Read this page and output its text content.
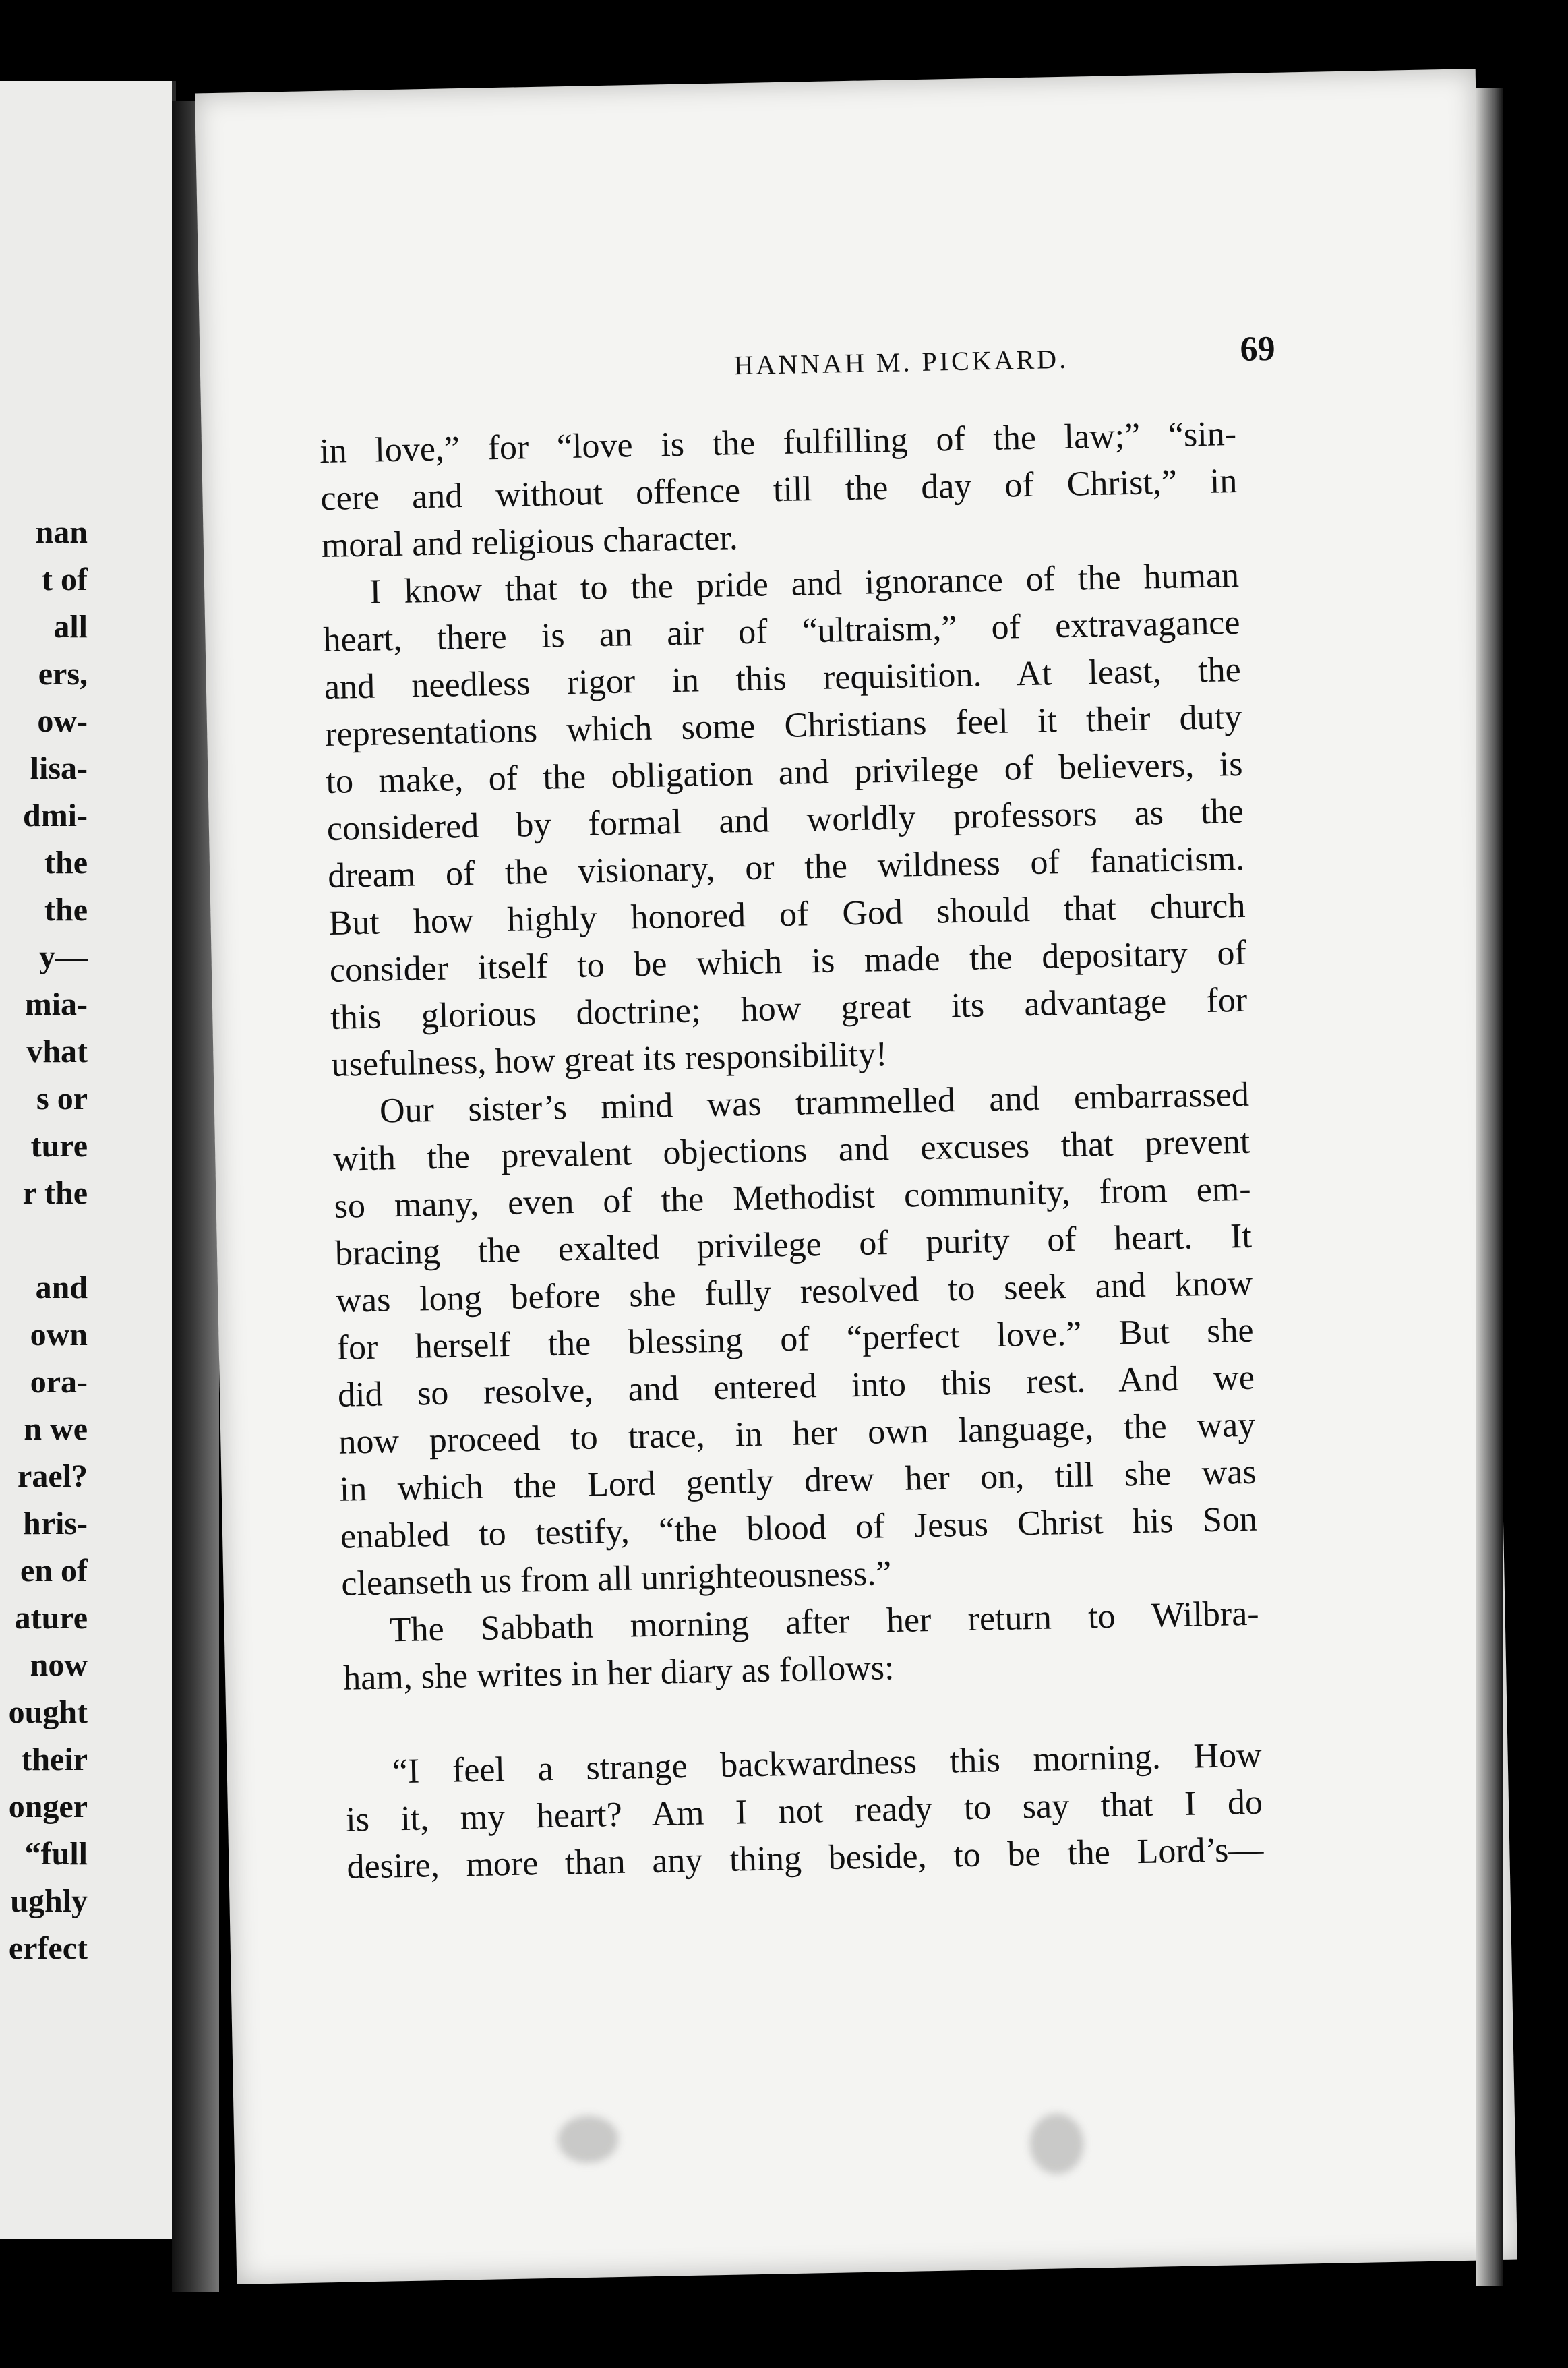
nan
t of
all
ers,
ow-
lisa-
dmi-
the
the
y—
mia-
vhat
s or
ture
r the
and
own
ora-
n we
rael?
hris-
en of
ature
now
ought
their
onger
“full
ughly
erfect
HANNAH M. PICKARD.	69
in love,” for “love is the fulfilling of the law;” “sin-
cere and without offence till the day of Christ,” in
moral and religious character.
I know that to the pride and ignorance of the human
heart, there is an air of “ultraism,” of extravagance
and needless rigor in this requisition. At least, the
representations which some Christians feel it their duty
to make, of the obligation and privilege of believers, is
considered by formal and worldly professors as the
dream of the visionary, or the wildness of fanaticism.
But how highly honored of God should that church
consider itself to be which is made the depositary of
this glorious doctrine; how great its advantage for
usefulness, how great its responsibility!
Our sister’s mind was trammelled and embarrassed
with the prevalent objections and excuses that prevent
so many, even of the Methodist community, from em-
bracing the exalted privilege of purity of heart. It
was long before she fully resolved to seek and know
for herself the blessing of “perfect love.” But she
did so resolve, and entered into this rest. And we
now proceed to trace, in her own language, the way
in which the Lord gently drew her on, till she was
enabled to testify, “the blood of Jesus Christ his Son
cleanseth us from all unrighteousness.”
The Sabbath morning after her return to Wilbra-
ham, she writes in her diary as follows:

“I feel a strange backwardness this morning. How
is it, my heart? Am I not ready to say that I do
desire, more than any thing beside, to be the Lord’s—
